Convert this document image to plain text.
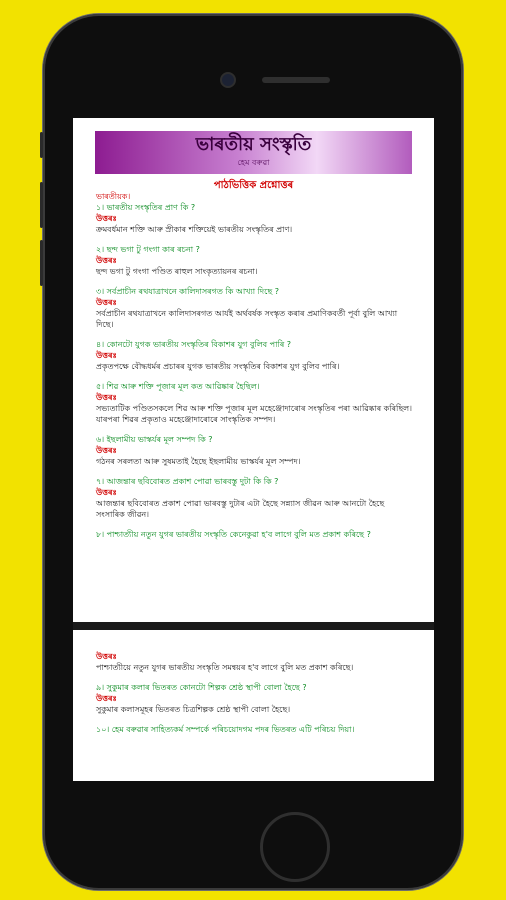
ভাৰতীয় সংস্কৃতি
হেম বৰুৱা
পাঠভিত্তিক প্ৰশ্নোত্তৰ
ভাৰতীয়ক।
১। ভাৰতীয় সংস্কৃতিৰ প্ৰাণ কি ?
উত্তৰঃ
ক্ৰমবৰ্ধমান শক্তি আৰু স্ৰীকাৰ শক্তিয়েই ভাৰতীয় সংস্কৃতিৰ প্ৰাণ।
২। ছন্দ ভগা টু গংগা কাৰ ৰচনা ?
উত্তৰঃ
ছন্দ ভগা টু গংগা পণ্ডিত ৰাহুল সাংকৃত্যায়নৰ ৰচনা।
৩। সৰ্বপ্ৰাচীন ৰথযাত্ৰাখনে কালিদাসৰগত কি আখ্যা দিছে ?
উত্তৰঃ
সৰ্বপ্ৰাচীন ৰথযাত্ৰাখনে কালিদাসৰগত আৰ্যই অৰ্থবৰ্ষক সংস্কৃত কৰাৰ প্ৰমাণিকবৰ্তী পূৰ্বা বুলি আখ্যা দিছে।
৪। কোনটো যুগক ভাৰতীয় সংস্কৃতিৰ বিকাশৰ যুগ বুলিব পাৰি ?
উত্তৰঃ
প্ৰকৃতপক্ষে বৌদ্ধধৰ্মৰ প্ৰচাৰৰ যুগক ভাৰতীয় সংস্কৃতিৰ বিকাশৰ যুগ বুলিব পাৰি।
৫। শিৱ আৰু শক্তি পূজাৰ মূল কত আৱিষ্কাৰ হৈছিল।
উত্তৰঃ
সভ্যতাটিক পণ্ডিতসকলে শিৱ আৰু শক্তি পূজাৰ মূল মহেঞ্জোদাৰোৰ সংস্কৃতিৰ পৰা আৱিষ্কাৰ কৰিছিল। যাৰপৰা শিৱৰ প্ৰকৃতাও মহেঞ্জোদাৰোৰে সাংস্কৃতিক সম্পদ।
৬। ইছলামীয় ভাস্কৰ্যৰ মূল সম্পদ কি ?
উত্তৰঃ
গঠনৰ সৰলতা আৰু সুষমতাই হৈছে ইছলামীয় ভাস্কৰ্যৰ মূল সম্পদ।
৭। আজন্তাৰ ছবিবোৰত প্ৰকাশ পোৱা ভাৰবস্তু দুটা কি কি ?
উত্তৰঃ
আজন্তাৰ ছবিবোৰত প্ৰকাশ পোৱা ভাৰবস্তু দুটাৰ এটা হৈছে সন্ন্যাস জীৱন আৰু আনটো হৈছে সংসাৰিক জীৱন।
৮। পাশ্চাত্যীয় নতুন যুগৰ ভাৰতীয় সংস্কৃতি কেনেকুৱা হ'ব লাগে বুলি মত প্ৰকাশ কৰিছে ?
উত্তৰঃ
পাশ্চাত্যীয়ে নতুন যুগৰ ভাৰতীয় সংস্কৃতি সমন্বয়ৰ হ'ব লাগে বুলি মত প্ৰকাশ কৰিছে।
৯। সুকুমাৰ কলাৰ ভিতৰত কোনটো শিল্পক শ্ৰেষ্ঠ স্থাপী বোলা হৈছে ?
উত্তৰঃ
সুকুমাৰ কলাসমূহৰ ভিতৰত চিত্ৰশিল্পক শ্ৰেষ্ঠ স্থাপী বোলা হৈছে।
১০। হেম বৰুৱাৰ সাহিত্যকৰ্ম সম্পৰ্কে পৰিচয়োদগম পদৰ ভিতৰত এটি পৰিচয় দিয়া।
